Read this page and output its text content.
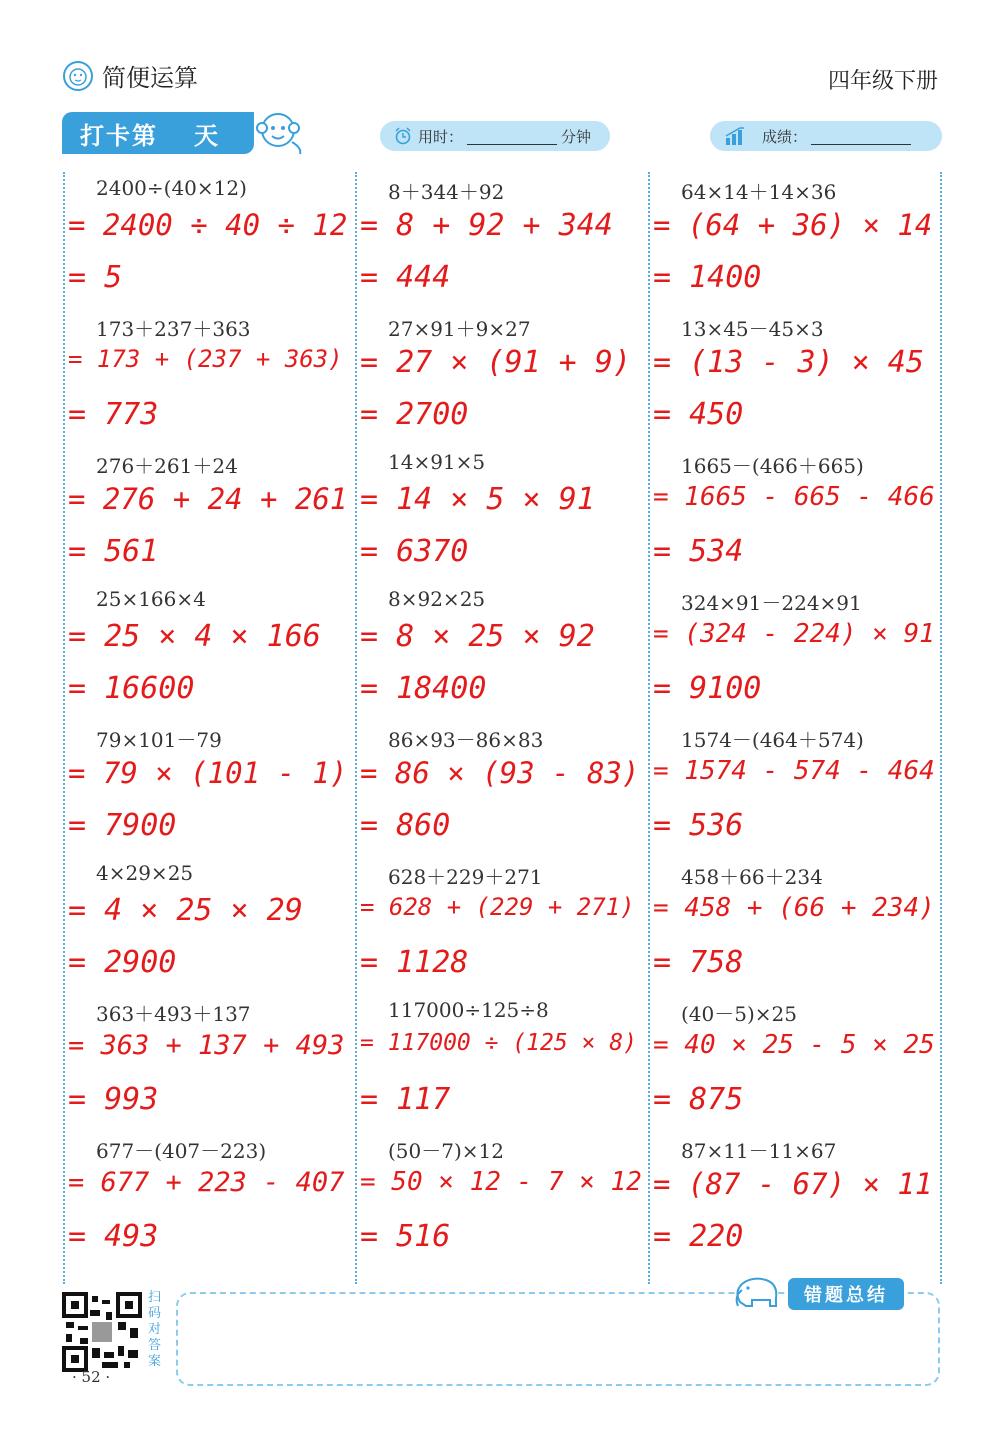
简便运算	四年级下册
打卡第 天	用时：	分钟	成绩：
2400÷(40×12)
= 2400 ÷ 40 ÷ 12
= 5
173＋237＋363
= 173 + (237 + 363)
= 773
276＋261＋24
= 276 + 24 + 261
= 561
25×166×4
= 25 × 4 × 166
= 16600
79×101－79
= 79 × (101 - 1)
= 7900
4×29×25
= 4 × 25 × 29
= 2900
363＋493＋137
= 363 + 137 + 493
= 993
677－(407－223)
= 677 + 223 - 407
= 493
8＋344＋92
= 8 + 92 + 344
= 444
27×91＋9×27
= 27 × (91 + 9)
= 2700
14×91×5
= 14 × 5 × 91
= 6370
8×92×25
= 8 × 25 × 92
= 18400
86×93－86×83
= 86 × (93 - 83)
= 860
628＋229＋271
= 628 + (229 + 271)
= 1128
117000÷125÷8
= 117000 ÷ (125 × 8)
= 117
(50－7)×12
= 50 × 12 - 7 × 12
= 516
64×14＋14×36
= (64 + 36) × 14
= 1400
13×45－45×3
= (13 - 3) × 45
= 450
1665－(466＋665)
= 1665 - 665 - 466
= 534
324×91－224×91
= (324 - 224) × 91
= 9100
1574－(464＋574)
= 1574 - 574 - 464
= 536
458＋66＋234
= 458 + (66 + 234)
= 758
(40－5)×25
= 40 × 25 - 5 × 25
= 875
87×11－11×67
= (87 - 67) × 11
= 220
扫码对答案
· 52 ·
错题总结
